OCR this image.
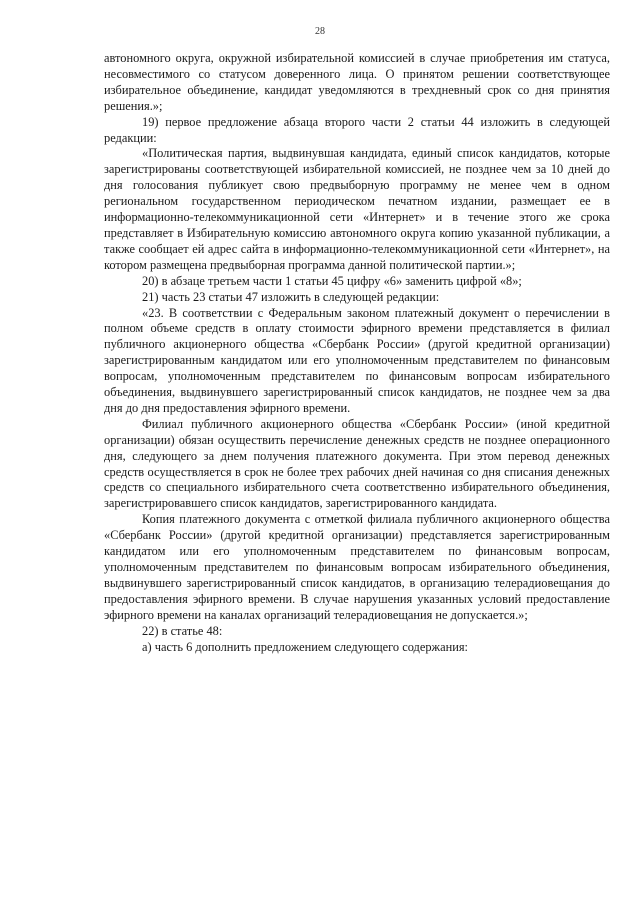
28

автономного округа, окружной избирательной комиссией в случае приобретения им статуса, несовместимого со статусом доверенного лица. О принятом решении соответствующее избирательное объединение, кандидат уведомляются в трехдневный срок со дня принятия решения.»;

19) первое предложение абзаца второго части 2 статьи 44 изложить в следующей редакции:

«Политическая партия, выдвинувшая кандидата, единый список кандидатов, которые зарегистрированы соответствующей избирательной комиссией, не позднее чем за 10 дней до дня голосования публикует свою предвыборную программу не менее чем в одном региональном государственном периодическом печатном издании, размещает ее в информационно-телекоммуникационной сети «Интернет» и в течение этого же срока представляет в Избирательную комиссию автономного округа копию указанной публикации, а также сообщает ей адрес сайта в информационно-телекоммуникационной сети «Интернет», на котором размещена предвыборная программа данной политической партии.»;

20) в абзаце третьем части 1 статьи 45 цифру «6» заменить цифрой «8»;

21) часть 23 статьи 47 изложить в следующей редакции:

«23. В соответствии с Федеральным законом платежный документ о перечислении в полном объеме средств в оплату стоимости эфирного времени представляется в филиал публичного акционерного общества «Сбербанк России» (другой кредитной организации) зарегистрированным кандидатом или его уполномоченным представителем по финансовым вопросам, уполномоченным представителем по финансовым вопросам избирательного объединения, выдвинувшего зарегистрированный список кандидатов, не позднее чем за два дня до дня предоставления эфирного времени.

Филиал публичного акционерного общества «Сбербанк России» (иной кредитной организации) обязан осуществить перечисление денежных средств не позднее операционного дня, следующего за днем получения платежного документа. При этом перевод денежных средств осуществляется в срок не более трех рабочих дней начиная со дня списания денежных средств со специального избирательного счета соответственно избирательного объединения, зарегистрировавшего список кандидатов, зарегистрированного кандидата.

Копия платежного документа с отметкой филиала публичного акционерного общества «Сбербанк России» (другой кредитной организации) представляется зарегистрированным кандидатом или его уполномоченным представителем по финансовым вопросам, уполномоченным представителем по финансовым вопросам избирательного объединения, выдвинувшего зарегистрированный список кандидатов, в организацию телерадиовещания до предоставления эфирного времени. В случае нарушения указанных условий предоставление эфирного времени на каналах организаций телерадиовещания не допускается.»;

22) в статье 48:

а) часть 6 дополнить предложением следующего содержания:
